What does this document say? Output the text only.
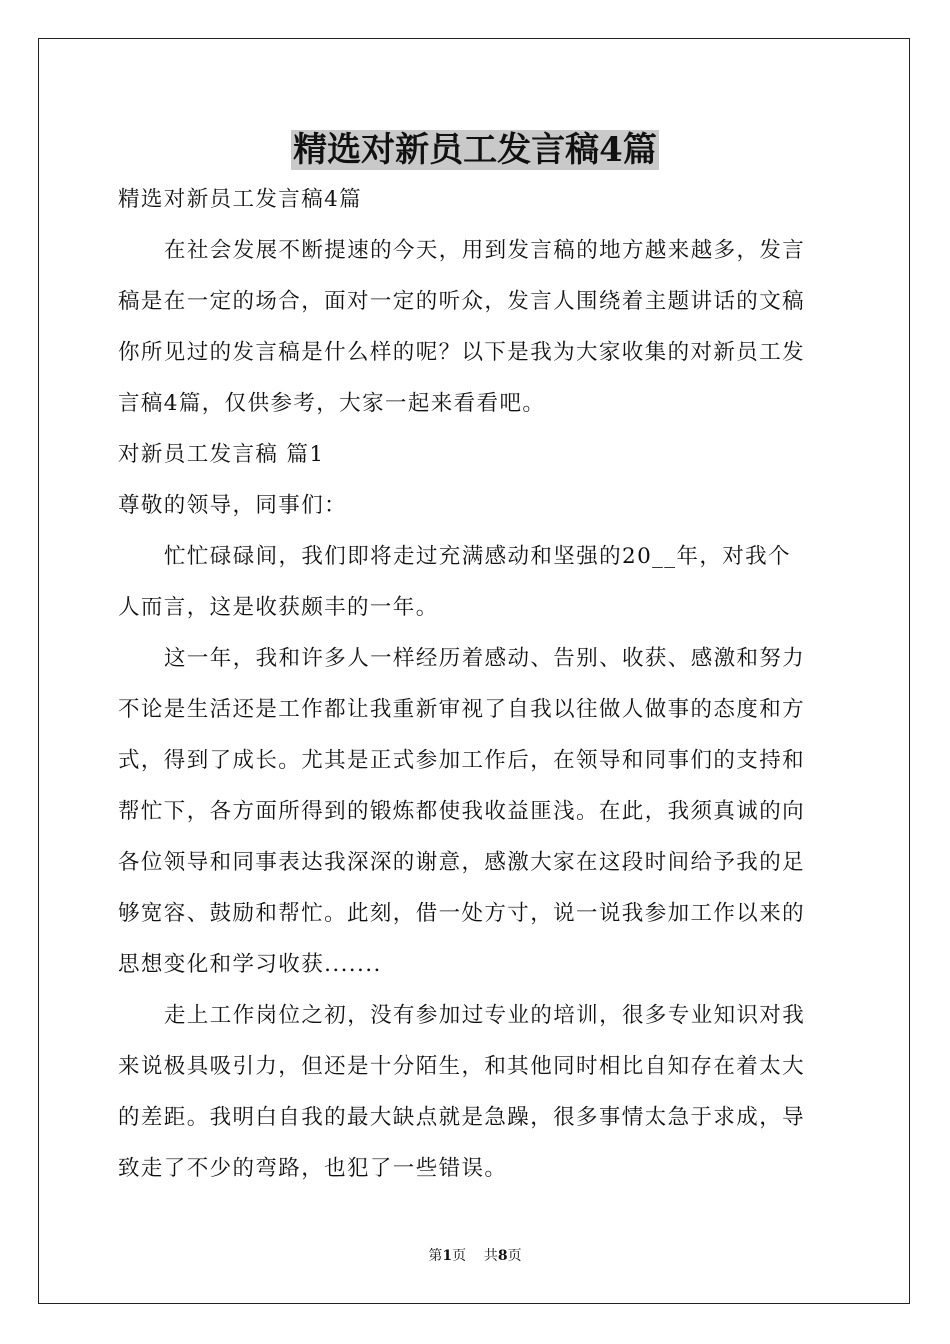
精选对新员工发言稿4篇
精选对新员工发言稿4篇
在社会发展不断提速的今天，用到发言稿的地方越来越多，发言
稿是在一定的场合，面对一定的听众，发言人围绕着主题讲话的文稿
你所见过的发言稿是什么样的呢？以下是我为大家收集的对新员工发
言稿4篇，仅供参考，大家一起来看看吧。
对新员工发言稿 篇1
尊敬的领导，同事们：
忙忙碌碌间，我们即将走过充满感动和坚强的20__年，对我个
人而言，这是收获颇丰的一年。
这一年，我和许多人一样经历着感动、告别、收获、感激和努力
不论是生活还是工作都让我重新审视了自我以往做人做事的态度和方
式，得到了成长。尤其是正式参加工作后，在领导和同事们的支持和
帮忙下，各方面所得到的锻炼都使我收益匪浅。在此，我须真诚的向
各位领导和同事表达我深深的谢意，感激大家在这段时间给予我的足
够宽容、鼓励和帮忙。此刻，借一处方寸，说一说我参加工作以来的
思想变化和学习收获.......
走上工作岗位之初，没有参加过专业的培训，很多专业知识对我
来说极具吸引力，但还是十分陌生，和其他同时相比自知存在着太大
的差距。我明白自我的最大缺点就是急躁，很多事情太急于求成，导
致走了不少的弯路，也犯了一些错误。
第1页 共8页
